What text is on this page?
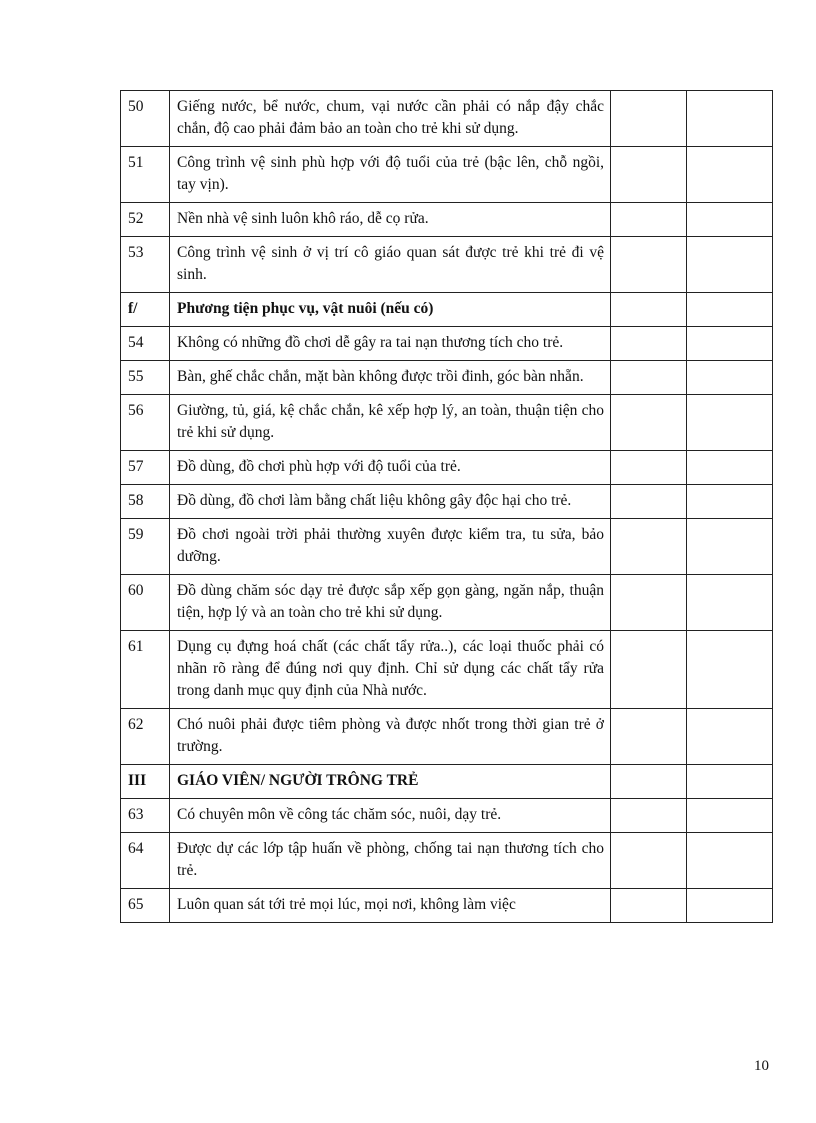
50	Giếng nước, bể nước, chum, vại nước cần phải có nắp đậy chắc chắn, độ cao phải đảm bảo an toàn cho trẻ khi sử dụng.		
51	Công trình vệ sinh phù hợp với độ tuổi của trẻ (bậc lên, chỗ ngồi, tay vịn).		
52	Nền nhà vệ sinh luôn khô ráo, dễ cọ rửa.		
53	Công trình vệ sinh ở vị trí cô giáo quan sát được trẻ khi trẻ đi vệ sinh.		
f/	Phương tiện phục vụ, vật nuôi (nếu có)		
54	Không có những đồ chơi dễ gây ra tai nạn thương tích cho trẻ.		
55	Bàn, ghế chắc chắn, mặt bàn không được trồi đinh, góc bàn nhẵn.		
56	Giường, tủ, giá, kệ chắc chắn, kê xếp hợp lý, an toàn, thuận tiện cho trẻ khi sử dụng.		
57	Đồ dùng, đồ chơi phù hợp với độ tuổi của trẻ.		
58	Đồ dùng, đồ chơi làm bằng chất liệu không gây độc hại cho trẻ.		
59	Đồ chơi ngoài trời phải thường xuyên được kiểm tra, tu sửa, bảo dưỡng.		
60	Đồ dùng chăm sóc dạy trẻ được sắp xếp gọn gàng, ngăn nắp, thuận tiện, hợp lý và an toàn cho trẻ khi sử dụng.		
61	Dụng cụ đựng hoá chất (các chất tẩy rửa..), các loại thuốc phải có nhãn rõ ràng để đúng nơi quy định. Chỉ sử dụng các chất tẩy rửa trong danh mục quy định của Nhà nước.		
62	Chó nuôi phải được tiêm phòng và được nhốt trong thời gian trẻ ở trường.		
III	GIÁO VIÊN/ NGƯỜI TRÔNG TRẺ		
63	Có chuyên môn về công tác chăm sóc, nuôi, dạy trẻ.		
64	Được dự các lớp tập huấn về phòng, chống tai nạn thương tích cho trẻ.		
65	Luôn quan sát tới trẻ mọi lúc, mọi nơi, không làm việc		
10
